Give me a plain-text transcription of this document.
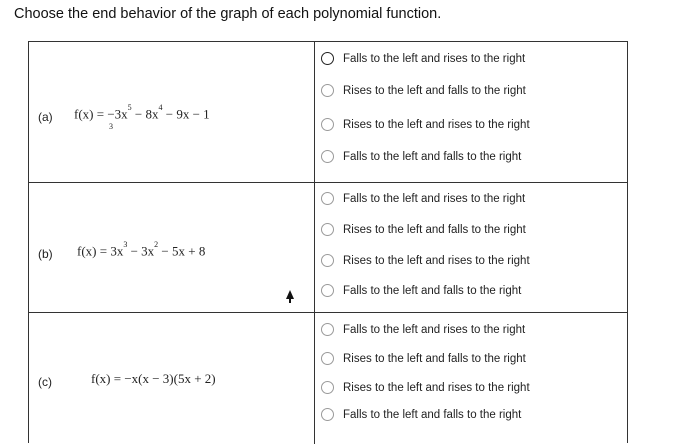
Choose the end behavior of the graph of each polynomial function.
(a) $f(x) = -3x^5 - 8x^4 - 9x - 1$
3
Falls to the left and rises to the right
Rises to the left and falls to the right
Rises to the left and rises to the right
Falls to the left and falls to the right
(b) $f(x) = 3x^3 - 3x^2 - 5x + 8$
Falls to the left and rises to the right
Rises to the left and falls to the right
Rises to the left and rises to the right
Falls to the left and falls to the right
(c)	f(x) = −x(x − 3)(5x + 2)
Falls to the left and rises to the right
Rises to the left and falls to the right
Rises to the left and rises to the right
Falls to the left and falls to the right
